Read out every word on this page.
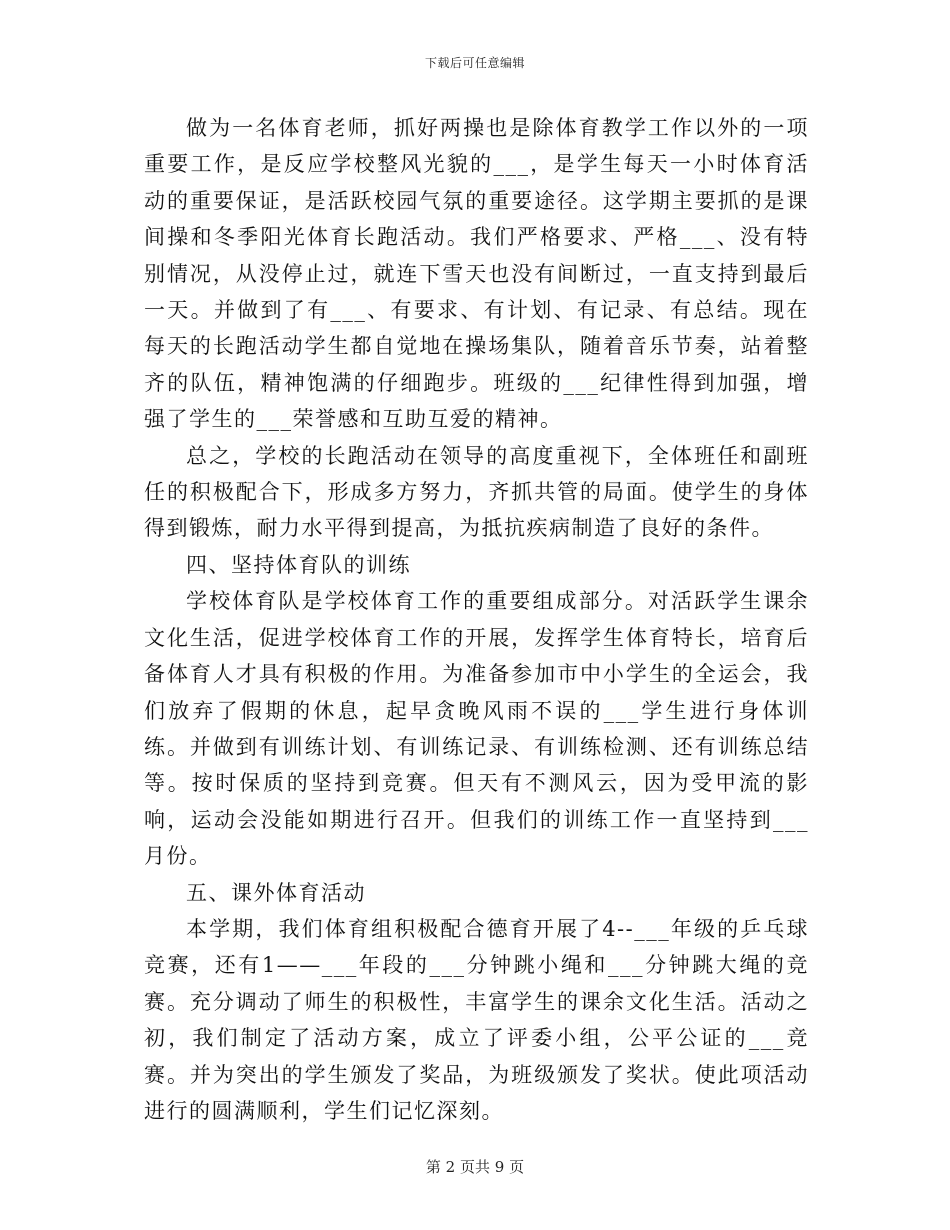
下载后可任意编辑

做为一名体育老师，抓好两操也是除体育教学工作以外的一项重要工作，是反应学校整风光貌的___，是学生每天一小时体育活动的重要保证，是活跃校园气氛的重要途径。这学期主要抓的是课间操和冬季阳光体育长跑活动。我们严格要求、严格___、没有特别情况，从没停止过，就连下雪天也没有间断过，一直支持到最后一天。并做到了有___、有要求、有计划、有记录、有总结。现在每天的长跑活动学生都自觉地在操场集队，随着音乐节奏，站着整齐的队伍，精神饱满的仔细跑步。班级的___纪律性得到加强，增强了学生的___荣誉感和互助互爱的精神。

总之，学校的长跑活动在领导的高度重视下，全体班任和副班任的积极配合下，形成多方努力，齐抓共管的局面。使学生的身体得到锻炼，耐力水平得到提高，为抵抗疾病制造了良好的条件。

四、坚持体育队的训练

学校体育队是学校体育工作的重要组成部分。对活跃学生课余文化生活，促进学校体育工作的开展，发挥学生体育特长，培育后备体育人才具有积极的作用。为准备参加市中小学生的全运会，我们放弃了假期的休息，起早贪晚风雨不误的___学生进行身体训练。并做到有训练计划、有训练记录、有训练检测、还有训练总结等。按时保质的坚持到竞赛。但天有不测风云，因为受甲流的影响，运动会没能如期进行召开。但我们的训练工作一直坚持到___月份。

五、课外体育活动

本学期，我们体育组积极配合德育开展了4--___年级的乒乓球竞赛，还有1——___年段的___分钟跳小绳和___分钟跳大绳的竞赛。充分调动了师生的积极性，丰富学生的课余文化生活。活动之初，我们制定了活动方案，成立了评委小组，公平公证的___竞赛。并为突出的学生颁发了奖品，为班级颁发了奖状。使此项活动进行的圆满顺利，学生们记忆深刻。

第 2 页共 9 页
